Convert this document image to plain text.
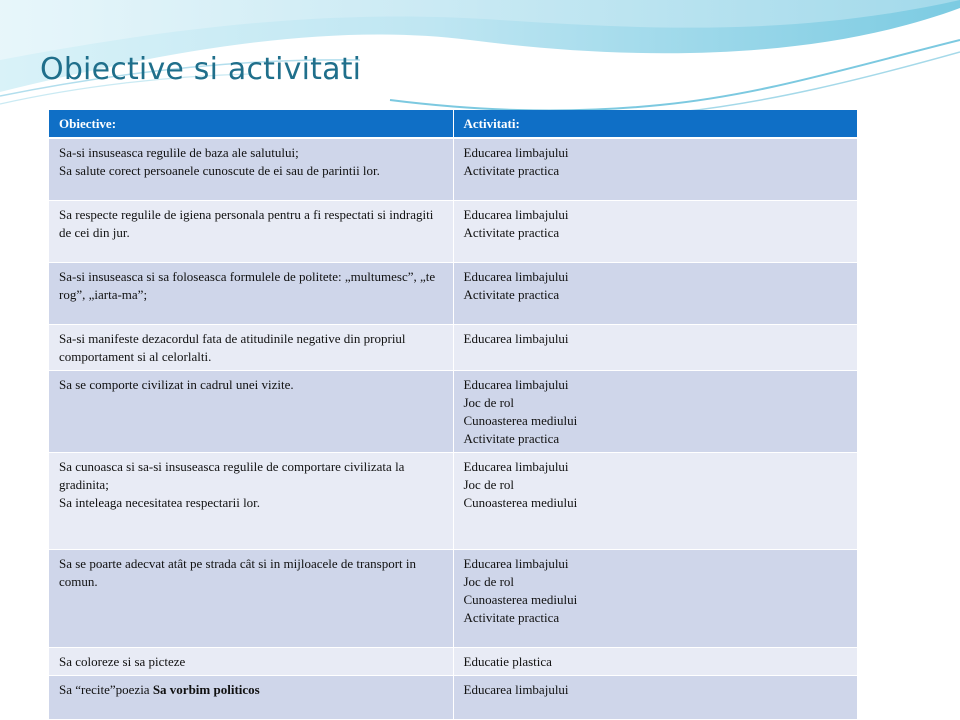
Obiective si activitati
Obiective:	Activitati:

Sa-si insuseasca regulile de baza ale salutului;
Sa salute corect persoanele cunoscute de ei sau de parintii lor.	Educarea limbajului
Activitate practica

Sa respecte regulile de igiena personala pentru a fi respectati si indragiti de cei din jur.	Educarea limbajului
Activitate practica

Sa-si insuseasca si sa foloseasca formulele de politete: „multumesc”, „te rog”, „iarta-ma”;	Educarea limbajului
Activitate practica

Sa-si manifeste dezacordul fata de atitudinile negative din propriul comportament si al celorlalti.	Educarea limbajului

Sa se comporte civilizat in cadrul unei vizite.	Educarea limbajului
Joc de rol
Cunoasterea mediului
Activitate practica

Sa cunoasca si sa-si insuseasca regulile de comportare civilizata la gradinita;
Sa inteleaga necesitatea respectarii lor.	Educarea limbajului
Joc de rol
Cunoasterea mediului

Sa se poarte adecvat atât pe strada cât si in mijloacele de transport in comun.	Educarea limbajului
Joc de rol
Cunoasterea mediului
Activitate practica

Sa coloreze si sa picteze	Educatie plastica

Sa “recite”poezia Sa vorbim politicos	Educarea limbajului
